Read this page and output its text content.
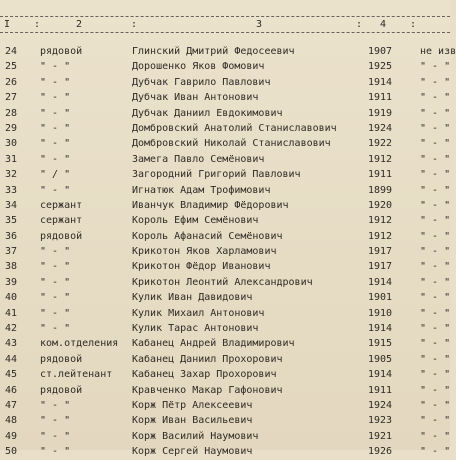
I :	2	:	3	: 4 :
24	рядовой	Глинский Дмитрий Федосеевич	1907	не изв
25	" - "	Дорошенко Яков Фомович	1925	" - "
26	" - "	Дубчак Гаврило Павлович	1914	" - "
27	" - "	Дубчак Иван Антонович	1911	" - "
28	" - "	Дубчак Даниил Евдокимович	1919	" - "
29	" - "	Домбровский Анатолий Станиславович	1924	" - "
30	" - "	Домбровский Николай Станиславович	1922	" - "
31	" - "	Замега Павло Семёнович	1912	" - "
32	" / "	Загородний Григорий Павлович	1911	" - "
33	" - "	Игнатюк Адам Трофимович	1899	" - "
34	сержант	Иванчук Владимир Фёдорович	1920	" - "
35	сержант	Король Ефим Семёнович	1912	" - "
36	рядовой	Король Афанасий Семёнович	1912	" - "
37	" - "	Крикотон Яков Харламович	1917	" - "
38	" - "	Крикотон Фёдор Иванович	1917	" - "
39	" - "	Крикотон Леонтий Александрович	1914	" - "
40	" - "	Кулик Иван Давидович	1901	" - "
41	" - "	Кулик Михаил Антонович	1910	" - "
42	" - "	Кулик Тарас Антонович	1914	" - "
43	ком.отделения	Кабанец Андрей Владимирович	1915	" - "
44	рядовой	Кабанец Даниил Прохорович	1905	" - "
45	ст.лейтенант	Кабанец Захар Прохорович	1914	" - "
46	рядовой	Кравченко Макар Гафонович	1911	" - "
47	" - "	Корж Пётр Алексеевич	1924	" - "
48	" - "	Корж Иван Васильевич	1923	" - "
49	" - "	Корж Василий Наумович	1921	" - "
50	" - "	Корж Сергей Наумович	1926	" - "
